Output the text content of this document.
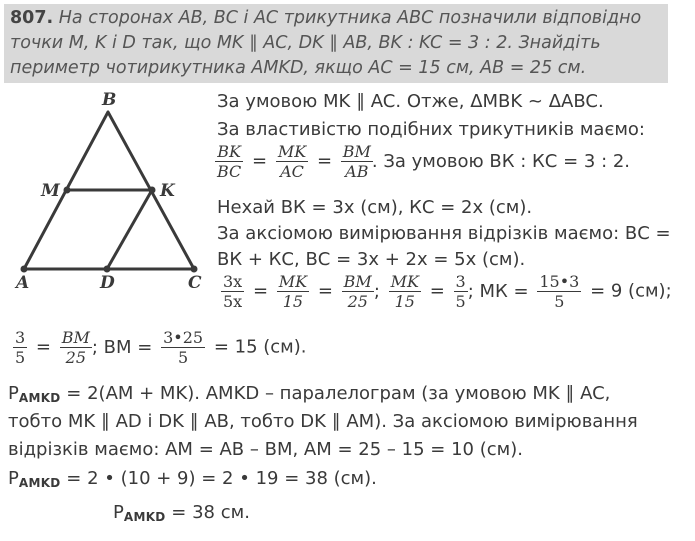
807. На сторонах AB, BC і AC трикутника ABC позначили відповідно
точки M, K і D так, що MK ∥ AC, DK ∥ AB, BK : KC = 3 : 2. Знайдіть
периметр чотирикутника AMKD, якщо AC = 15 см, AB = 25 см.
B
M	K
A	D	C
За умовою MK ∥ AC. Отже, ΔMBK ~ ΔABC.
За властивістю подібних трикутників маємо:
$\frac{BK}{BC} = \frac{MK}{AC} = \frac{BM}{AB}$ . За умовою ВК : КС = 3 : 2.
Нехай ВК = 3x (см), КС = 2x (см).
За аксіомою вимірювання відрізків маємо: ВС =
ВК + КС, ВС = 3x + 2x = 5x (см).
$\frac{3x}{5x} = \frac{MK}{15} = \frac{BM}{25}$ ; $\frac{MK}{15} = \frac{3}{5}$ ; МК = $\frac{15•3}{5} = 9$ (см);
$\frac{3}{5} = \frac{BM}{25}$ ; ВМ = $\frac{3•25}{5} = 15$ (см).
$P_{AMKD} = 2(AM + MK)$. AMKD – паралелограм (за умовою MK ∥ AC,
тобто MK ∥ AD і DK ∥ AB, тобто DK ∥ AM). За аксіомою вимірювання
відрізків маємо: AM = AB – BM, AM = 25 – 15 = 10 (см).
$P_{AMKD} = 2$ • (10 + 9) = 2 • 19 = 38 (см).
$P_{AMKD} = 38$ см.
